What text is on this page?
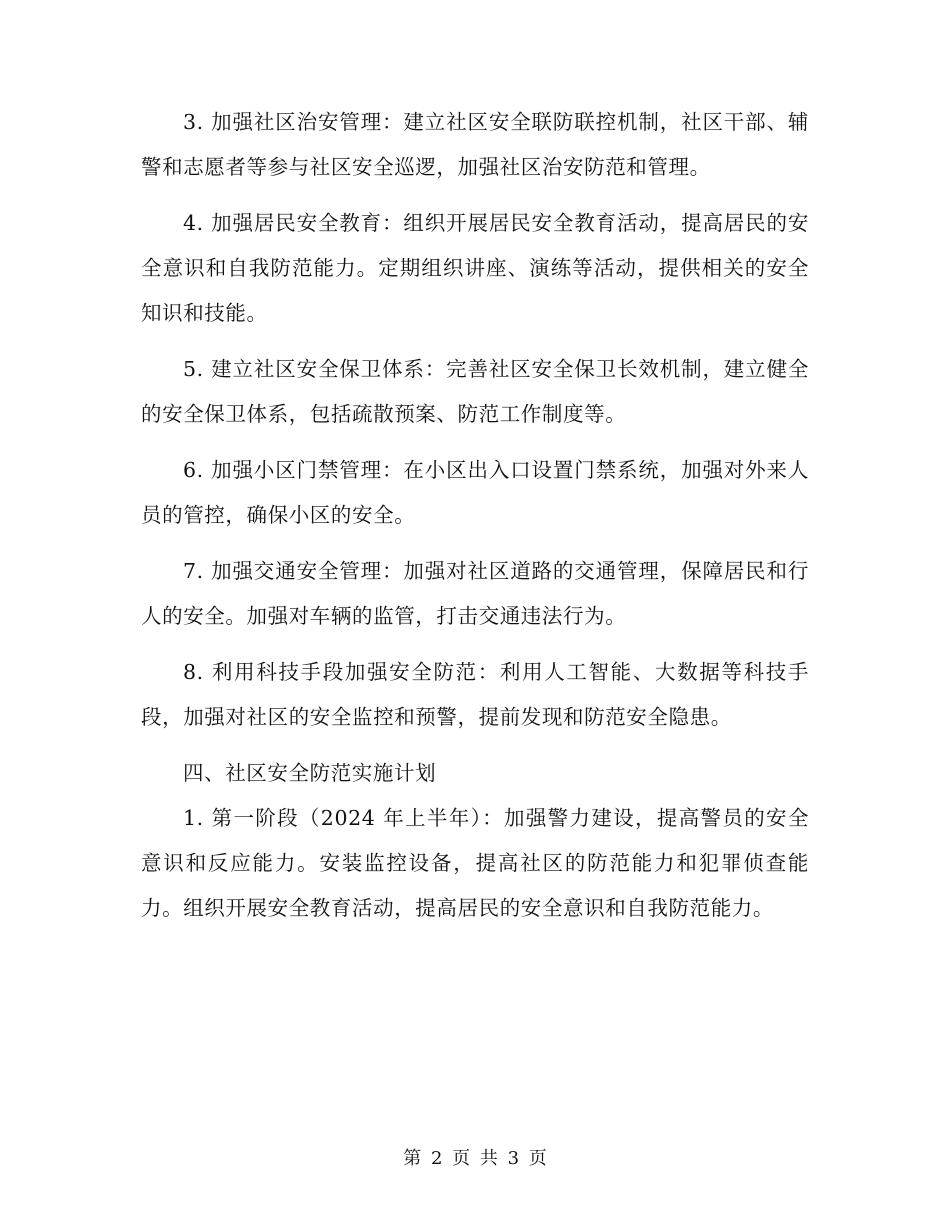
3. 加强社区治安管理：建立社区安全联防联控机制，社区干部、辅警和志愿者等参与社区安全巡逻，加强社区治安防范和管理。

4. 加强居民安全教育：组织开展居民安全教育活动，提高居民的安全意识和自我防范能力。定期组织讲座、演练等活动，提供相关的安全知识和技能。

5. 建立社区安全保卫体系：完善社区安全保卫长效机制，建立健全的安全保卫体系，包括疏散预案、防范工作制度等。

6. 加强小区门禁管理：在小区出入口设置门禁系统，加强对外来人员的管控，确保小区的安全。

7. 加强交通安全管理：加强对社区道路的交通管理，保障居民和行人的安全。加强对车辆的监管，打击交通违法行为。

8. 利用科技手段加强安全防范：利用人工智能、大数据等科技手段，加强对社区的安全监控和预警，提前发现和防范安全隐患。

四、社区安全防范实施计划

1. 第一阶段（2024 年上半年）：加强警力建设，提高警员的安全意识和反应能力。安装监控设备，提高社区的防范能力和犯罪侦查能力。组织开展安全教育活动，提高居民的安全意识和自我防范能力。

第 2 页 共 3 页
